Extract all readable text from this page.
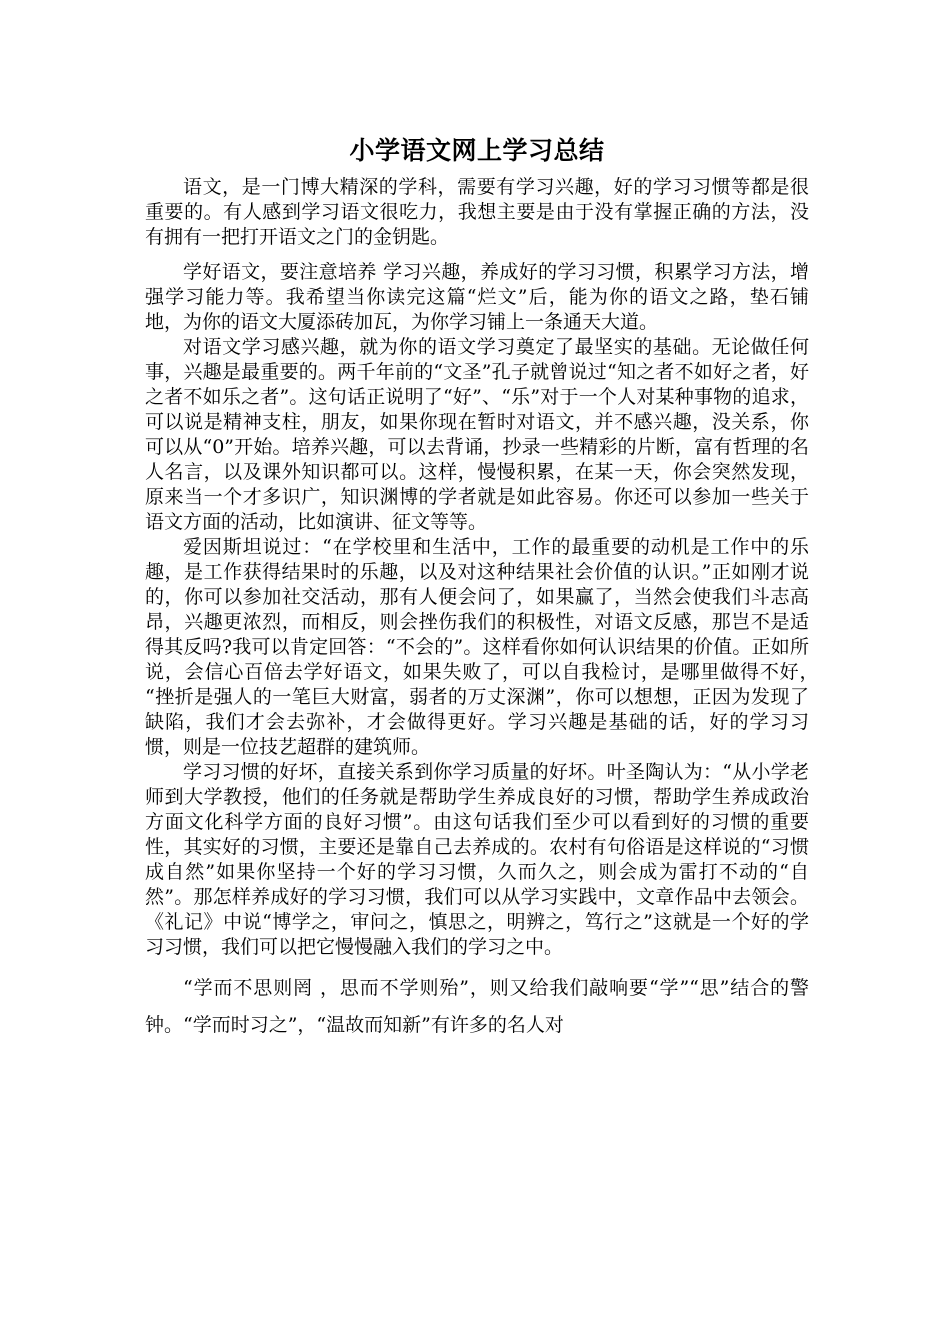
小学语文网上学习总结

语文，是一门博大精深的学科，需要有学习兴趣，好的学习习惯等都是很重要的。有人感到学习语文很吃力，我想主要是由于没有掌握正确的方法，没有拥有一把打开语文之门的金钥匙。

学好语文，要注意培养 学习兴趣，养成好的学习习惯，积累学习方法，增强学习能力等。我希望当你读完这篇“烂文”后，能为你的语文之路，垫石铺地，为你的语文大厦添砖加瓦，为你学习铺上一条通天大道。

对语文学习感兴趣，就为你的语文学习奠定了最坚实的基础。无论做任何事，兴趣是最重要的。两千年前的“文圣”孔子就曾说过“知之者不如好之者，好之者不如乐之者”。这句话正说明了“好”、“乐”对于一个人对某种事物的追求，可以说是精神支柱，朋友，如果你现在暂时对语文，并不感兴趣，没关系，你可以从“0”开始。培养兴趣，可以去背诵，抄录一些精彩的片断，富有哲理的名人名言，以及课外知识都可以。这样，慢慢积累，在某一天，你会突然发现，原来当一个才多识广，知识渊博的学者就是如此容易。你还可以参加一些关于语文方面的活动，比如演讲、征文等等。

爱因斯坦说过：“在学校里和生活中，工作的最重要的动机是工作中的乐趣，是工作获得结果时的乐趣，以及对这种结果社会价值的认识。”正如刚才说的，你可以参加社交活动，那有人便会问了，如果赢了，当然会使我们斗志高昂，兴趣更浓烈，而相反，则会挫伤我们的积极性，对语文反感，那岂不是适得其反吗?我可以肯定回答：“不会的”。这样看你如何认识结果的价值。正如所说，会信心百倍去学好语文，如果失败了，可以自我检讨，是哪里做得不好，　“挫折是强人的一笔巨大财富，弱者的万丈深渊”，你可以想想，正因为发现了缺陷，我们才会去弥补，才会做得更好。学习兴趣是基础的话，好的学习习惯，则是一位技艺超群的建筑师。

学习习惯的好坏，直接关系到你学习质量的好坏。叶圣陶认为：“从小学老师到大学教授，他们的任务就是帮助学生养成良好的习惯，帮助学生养成政治方面文化科学方面的良好习惯”。由这句话我们至少可以看到好的习惯的重要性，其实好的习惯，主要还是靠自己去养成的。农村有句俗语是这样说的“习惯成自然”如果你坚持一个好的学习习惯，久而久之，则会成为雷打不动的“自然”。那怎样养成好的学习习惯，我们可以从学习实践中，文章作品中去领会。《礼记》中说“博学之，审问之，慎思之，明辨之，笃行之”这就是一个好的学习习惯，我们可以把它慢慢融入我们的学习之中。

“学而不思则罔 ，思而不学则殆”，则又给我们敲响要“学”“思”结合的警钟。“学而时习之”，“温故而知新”有许多的名人对
